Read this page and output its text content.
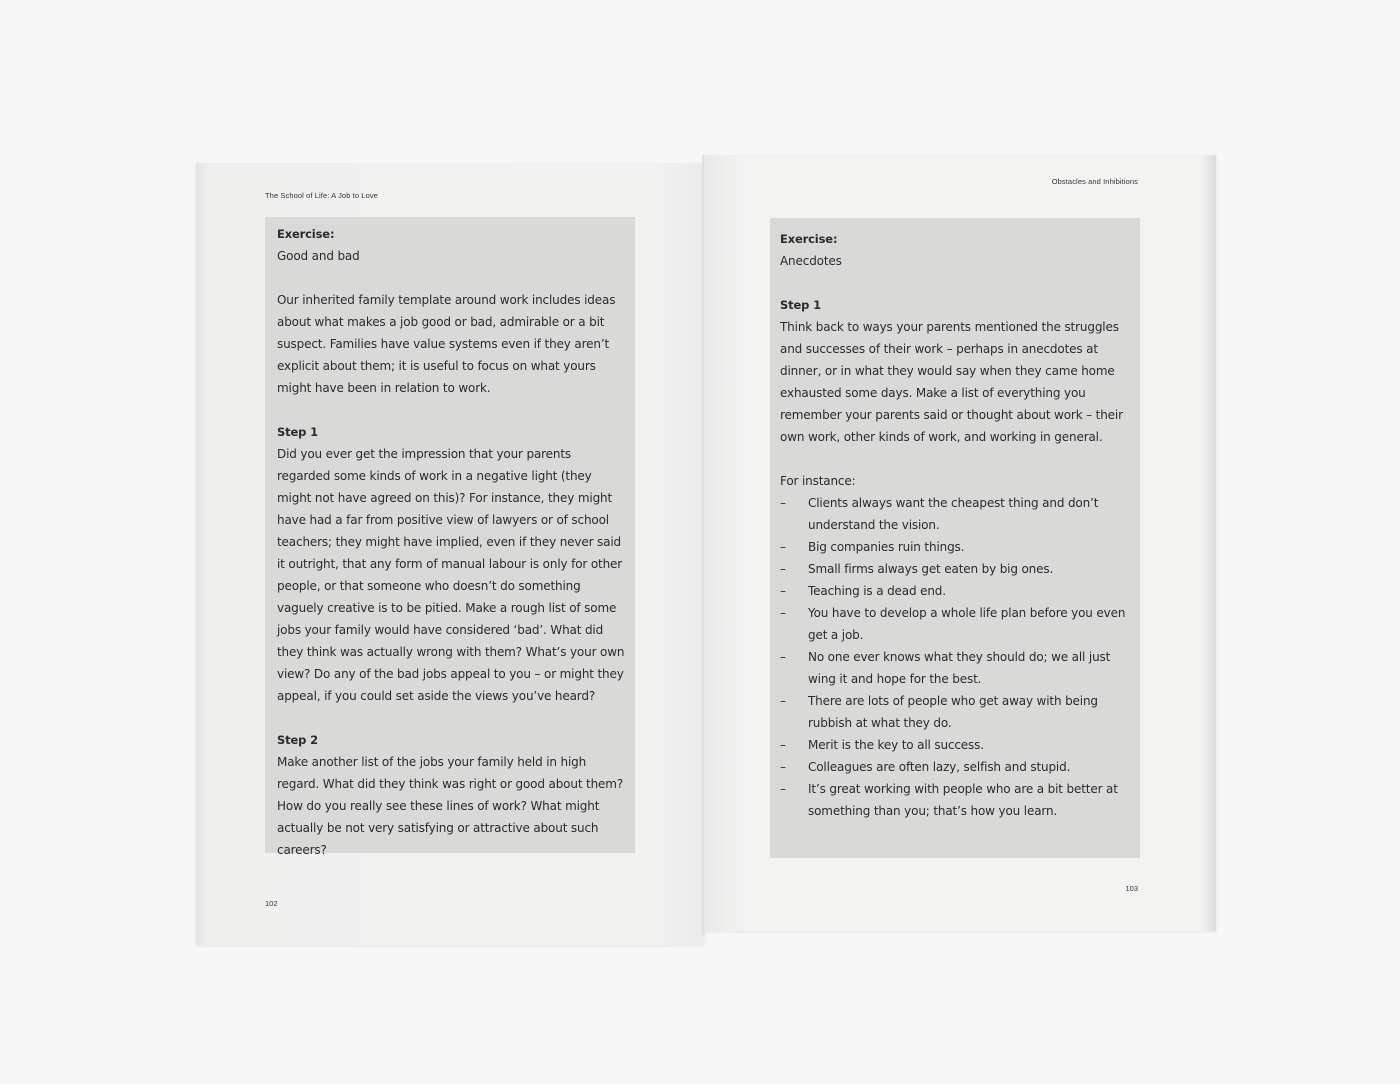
The School of Life: A Job to Love
102
Obstacles and Inhibitions
103

Exercise:

Good and bad

Our inherited family template around work includes ideas about what makes a job good or bad, admirable or a bit suspect. Families have value systems even if they aren’t explicit about them; it is useful to focus on what yours might have been in relation to work.

Step 1

Did you ever get the impression that your parents regarded some kinds of work in a negative light (they might not have agreed on this)? For instance, they might have had a far from positive view of lawyers or of school teachers; they might have implied, even if they never said it outright, that any form of manual labour is only for other people, or that someone who doesn’t do something vaguely creative is to be pitied. Make a rough list of some jobs your family would have considered ‘bad’. What did they think was actually wrong with them? What’s your own view? Do any of the bad jobs appeal to you – or might they appeal, if you could set aside the views you’ve heard?

Step 2

Make another list of the jobs your family held in high regard. What did they think was right or good about them? How do you really see these lines of work? What might actually be not very satisfying or attractive about such careers?

Exercise:

Anecdotes

Step 1

Think back to ways your parents mentioned the struggles and successes of their work – perhaps in anecdotes at dinner, or in what they would say when they came home exhausted some days. Make a list of everything you remember your parents said or thought about work – their own work, other kinds of work, and working in general.

For instance:

– Clients always want the cheapest thing and don’t understand the vision.
– Big companies ruin things.
– Small firms always get eaten by big ones.
– Teaching is a dead end.
– You have to develop a whole life plan before you even get a job.
– No one ever knows what they should do; we all just wing it and hope for the best.
– There are lots of people who get away with being rubbish at what they do.
– Merit is the key to all success.
– Colleagues are often lazy, selfish and stupid.
– It’s great working with people who are a bit better at something than you; that’s how you learn.
